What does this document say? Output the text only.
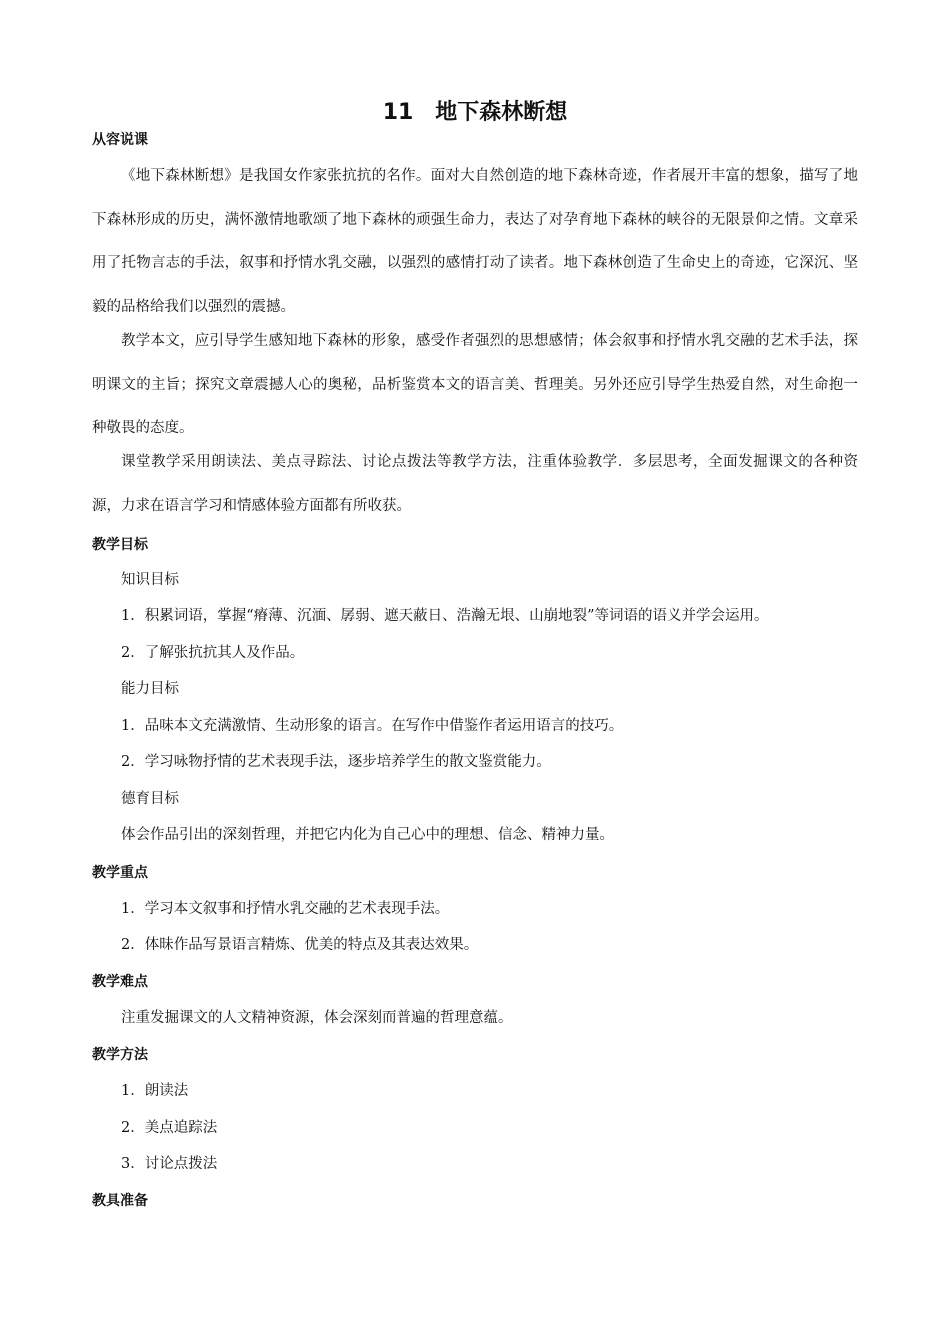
11　地下森林断想
从容说课

《地下森林断想》是我国女作家张抗抗的名作。面对大自然创造的地下森林奇迹，作者展开丰富的想象，描写了地下森林形成的历史，满怀激情地歌颂了地下森林的顽强生命力，表达了对孕育地下森林的峡谷的无限景仰之情。文章采用了托物言志的手法，叙事和抒情水乳交融，以强烈的感情打动了读者。地下森林创造了生命史上的奇迹，它深沉、坚毅的品格给我们以强烈的震撼。

教学本文，应引导学生感知地下森林的形象，感受作者强烈的思想感情；体会叙事和抒情水乳交融的艺术手法，探明课文的主旨；探究文章震撼人心的奥秘，品析鉴赏本文的语言美、哲理美。另外还应引导学生热爱自然，对生命抱一种敬畏的态度。

课堂教学采用朗读法、美点寻踪法、讨论点拨法等教学方法，注重体验教学．多层思考，全面发掘课文的各种资源，力求在语言学习和情感体验方面都有所收获。

教学目标

知识目标

1．积累词语，掌握“瘠薄、沉湎、孱弱、遮天蔽日、浩瀚无垠、山崩地裂”等词语的语义并学会运用。

2．了解张抗抗其人及作品。

能力目标

1．品味本文充满激情、生动形象的语言。在写作中借鉴作者运用语言的技巧。

2．学习咏物抒情的艺术表现手法，逐步培养学生的散文鉴赏能力。

德育目标

体会作品引出的深刻哲理，并把它内化为自己心中的理想、信念、精神力量。

教学重点

1．学习本文叙事和抒情水乳交融的艺术表现手法。

2．体昧作品写景语言精炼、优美的特点及其表达效果。

教学难点

注重发掘课文的人文精神资源，体会深刻而普遍的哲理意蕴。

教学方法

1．朗读法

2．美点追踪法

3．讨论点拨法

教具准备
